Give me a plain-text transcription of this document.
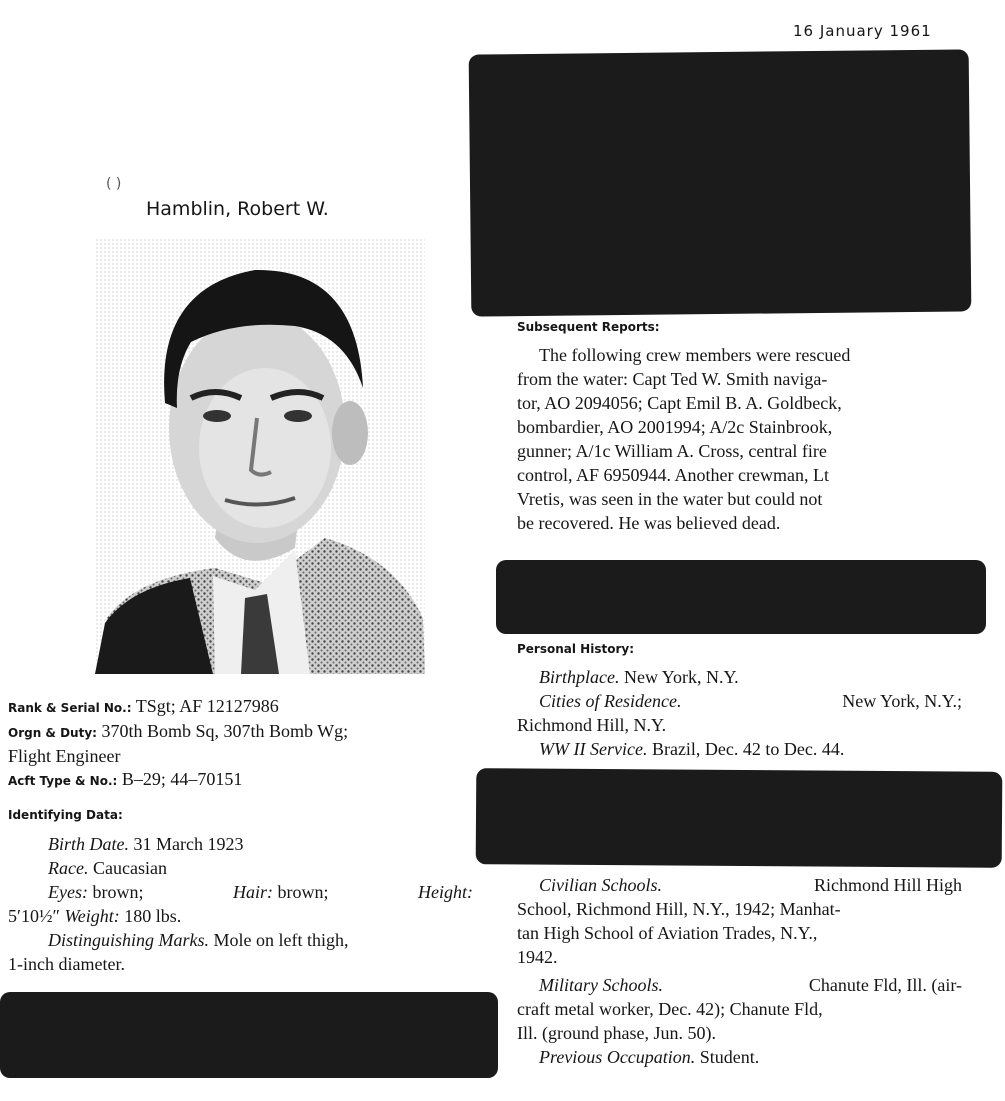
16 January 1961
( )
Hamblin, Robert W.
Rank & Serial No.: TSgt; AF 12127986
Orgn & Duty: 370th Bomb Sq, 307th Bomb Wg;
Flight Engineer
Acft Type & No.: B–29; 44–70151
Identifying Data:
Birth Date. 31 March 1923
Race. Caucasian
Eyes: brown;	Hair: brown;	Height:
5′10½″ Weight: 180 lbs.
Distinguishing Marks. Mole on left thigh,
1-inch diameter.
Subsequent Reports:
The following crew members were rescued
from the water: Capt Ted W. Smith naviga-
tor, AO 2094056; Capt Emil B. A. Goldbeck,
bombardier, AO 2001994; A/2c Stainbrook,
gunner; A/1c William A. Cross, central fire
control, AF 6950944. Another crewman, Lt
Vretis, was seen in the water but could not
be recovered. He was believed dead.
Personal History:
Birthplace. New York, N.Y.
Cities of Residence.	New York, N.Y.;
Richmond Hill, N.Y.
WW II Service. Brazil, Dec. 42 to Dec. 44.
Civilian Schools.	Richmond Hill High
School, Richmond Hill, N.Y., 1942; Manhat-
tan High School of Aviation Trades, N.Y.,
1942.
Military Schools.	Chanute Fld, Ill. (air-
craft metal worker, Dec. 42); Chanute Fld,
Ill. (ground phase, Jun. 50).
Previous Occupation. Student.
